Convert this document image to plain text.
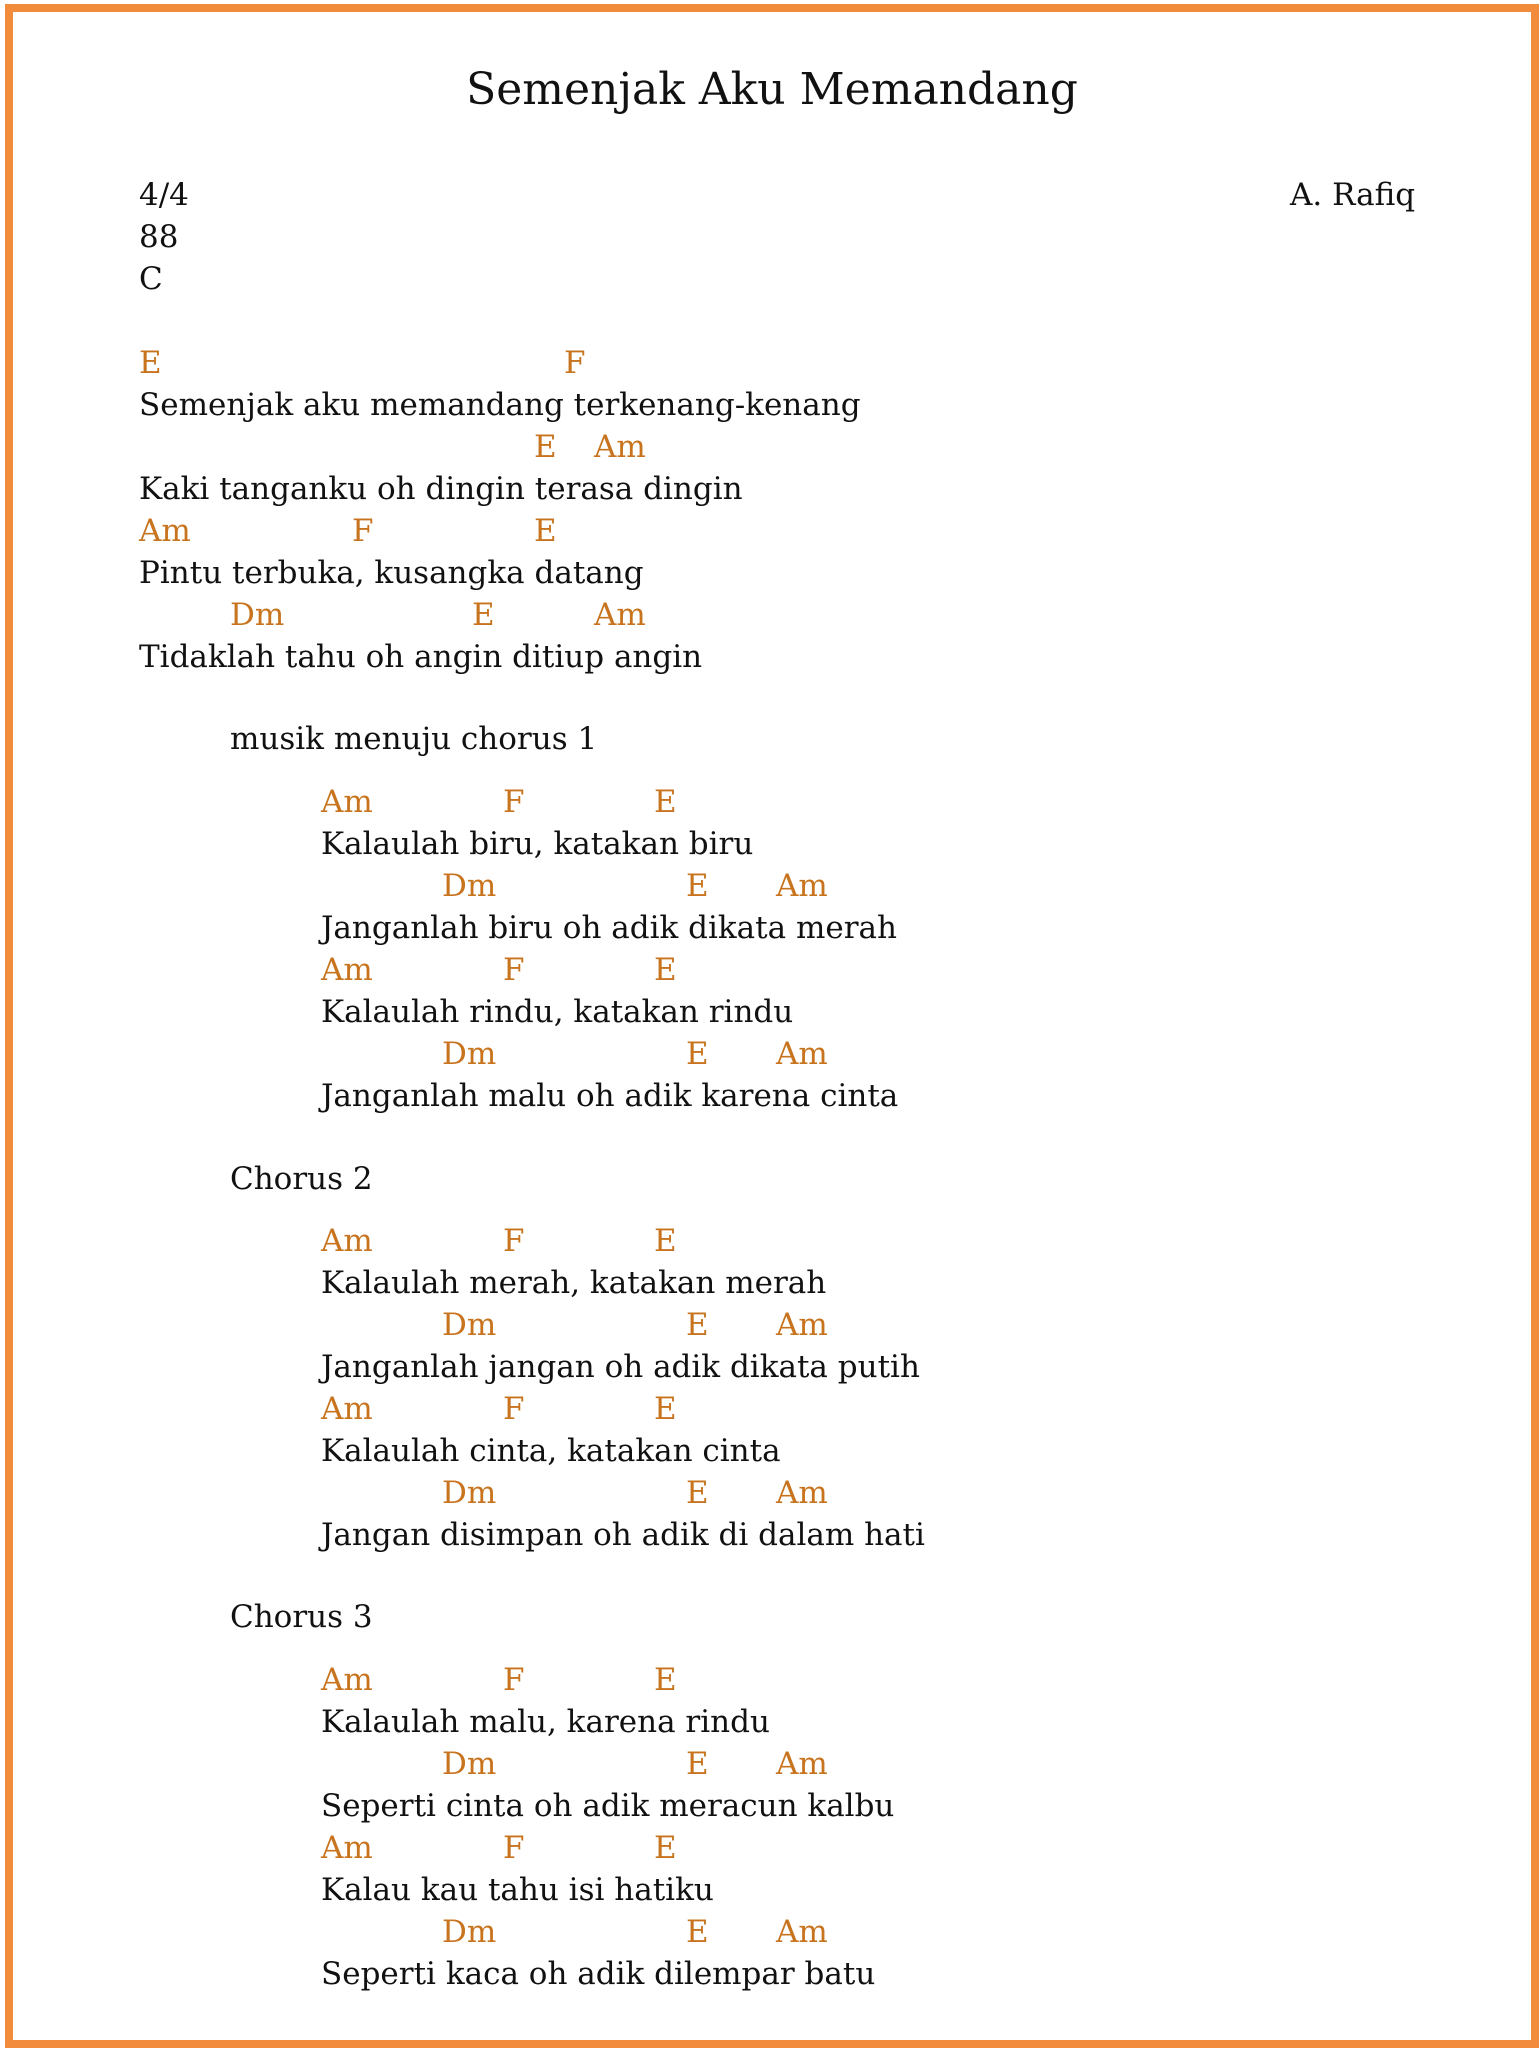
Semenjak Aku Memandang
4/4
88
C
A. Rafiq
E	F
Semenjak aku memandang terkenang-kenang
E Am
Kaki tanganku oh dingin terasa dingin
Am	F	E
Pintu terbuka, kusangka datang
Dm	E	Am
Tidaklah tahu oh angin ditiup angin
musik menuju chorus 1
Am	F	E
Kalaulah biru, katakan biru
Dm	E Am
Janganlah biru oh adik dikata merah
Am	F	E
Kalaulah rindu, katakan rindu
Dm	E Am
Janganlah malu oh adik karena cinta
Chorus 2
Am	F	E
Kalaulah merah, katakan merah
Dm	E Am
Janganlah jangan oh adik dikata putih
Am	F	E
Kalaulah cinta, katakan cinta
Dm	E Am
Jangan disimpan oh adik di dalam hati
Chorus 3
Am	F	E
Kalaulah malu, karena rindu
Dm	E Am
Seperti cinta oh adik meracun kalbu
Am	F	E
Kalau kau tahu isi hatiku
Dm	E Am
Seperti kaca oh adik dilempar batu
